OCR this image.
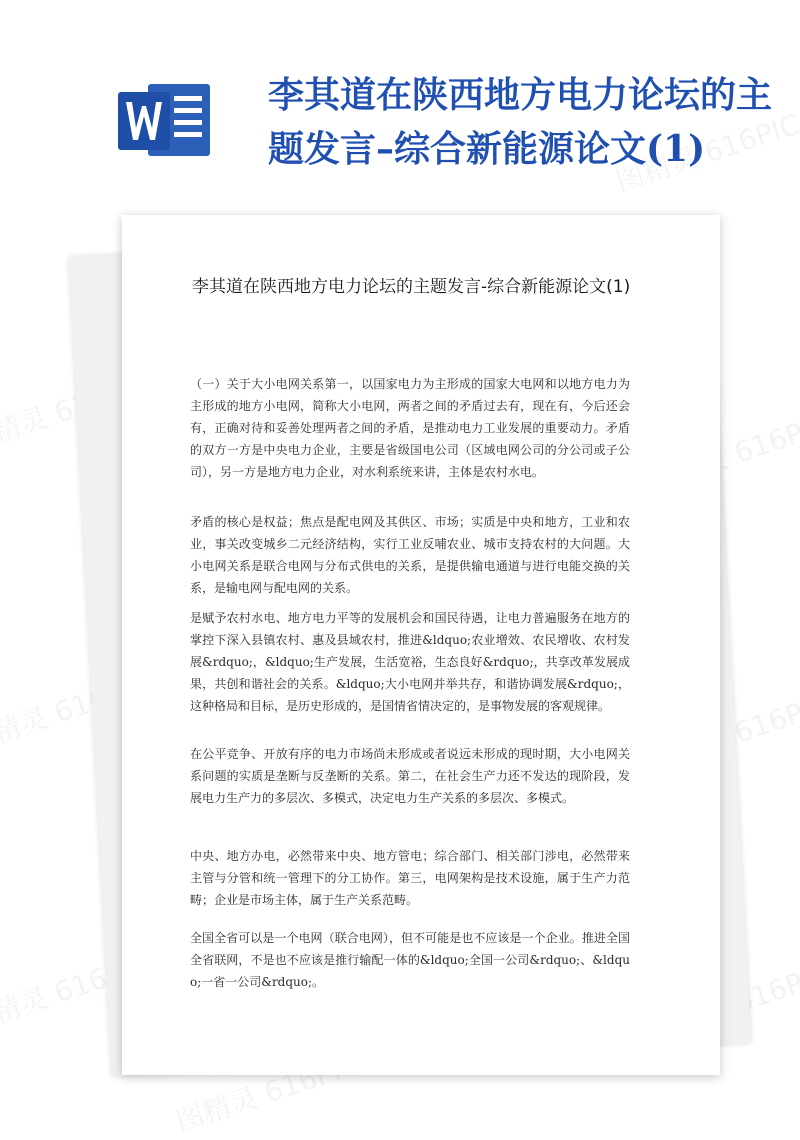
李其道在陕西地方电力论坛的主题发言–综合新能源论文(1)
李其道在陕西地方电力论坛的主题发言-综合新能源论文(1)

（一）关于大小电网关系第一，以国家电力为主形成的国家大电网和以地方电力为主形成的地方小电网，简称大小电网，两者之间的矛盾过去有，现在有，今后还会有，正确对待和妥善处理两者之间的矛盾，是推动电力工业发展的重要动力。矛盾的双方一方是中央电力企业，主要是省级国电公司（区域电网公司的分公司或子公司），另一方是地方电力企业，对水利系统来讲，主体是农村水电。

矛盾的核心是权益；焦点是配电网及其供区、市场；实质是中央和地方，工业和农业，事关改变城乡二元经济结构，实行工业反哺农业、城市支持农村的大问题。大小电网关系是联合电网与分布式供电的关系，是提供输电通道与进行电能交换的关系，是输电网与配电网的关系。

是赋予农村水电、地方电力平等的发展机会和国民待遇，让电力普遍服务在地方的掌控下深入县镇农村、惠及县域农村，推进&ldquo;农业增效、农民增收、农村发展&rdquo;，&ldquo;生产发展，生活宽裕，生态良好&rdquo;，共享改革发展成果，共创和谐社会的关系。&ldquo;大小电网并举共存，和谐协调发展&rdquo;，这种格局和目标，是历史形成的，是国情省情决定的，是事物发展的客观规律。

在公平竞争、开放有序的电力市场尚未形成或者说远未形成的现时期，大小电网关系问题的实质是垄断与反垄断的关系。第二，在社会生产力还不发达的现阶段，发展电力生产力的多层次、多模式，决定电力生产关系的多层次、多模式。

中央、地方办电，必然带来中央、地方管电；综合部门、相关部门涉电，必然带来主管与分管和统一管理下的分工协作。第三，电网架构是技术设施，属于生产力范畴；企业是市场主体，属于生产关系范畴。

全国全省可以是一个电网（联合电网），但不可能是也不应该是一个企业。推进全国全省联网，不是也不应该是推行输配一体的&ldquo;全国一公司&rdquo;、&ldquo;一省一公司&rdquo;。
